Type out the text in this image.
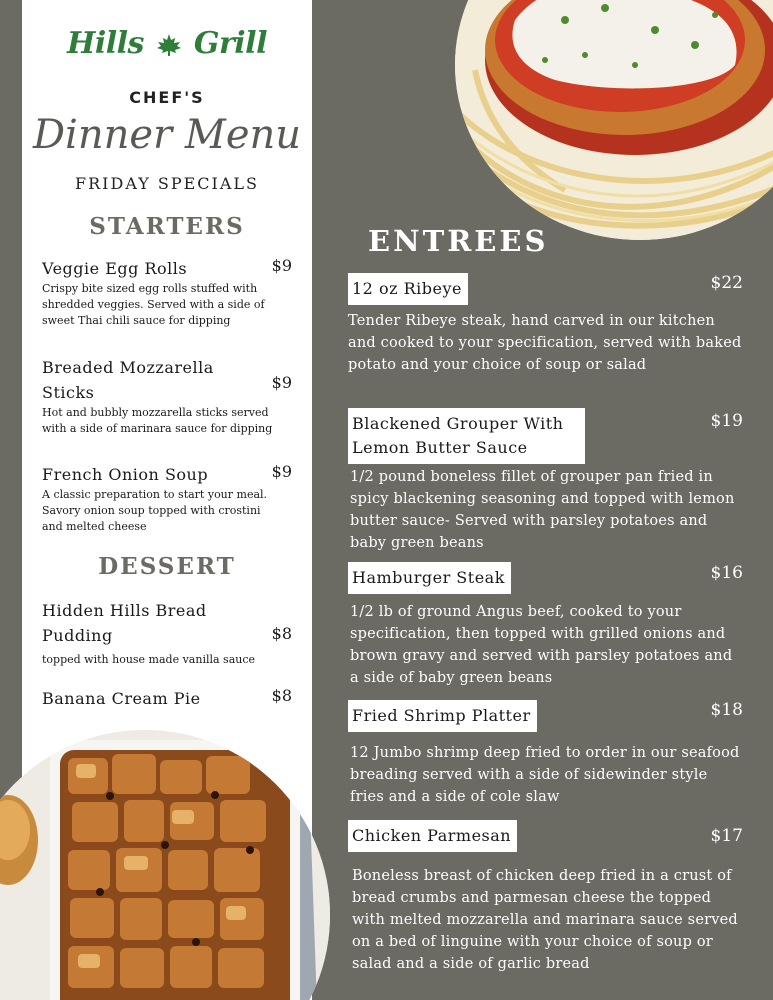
Hills Grill
CHEF'S
Dinner Menu
FRIDAY SPECIALS
STARTERS
Veggie Egg Rolls	$9
Crispy bite sized egg rolls stuffed with shredded veggies. Served with a side of sweet Thai chili sauce for dipping
Breaded Mozzarella Sticks
$9
Hot and bubbly mozzarella sticks served with a side of marinara sauce for dipping
French Onion Soup	$9
A classic preparation to start your meal. Savory onion soup topped with crostini and melted cheese
DESSERT
Hidden Hills Bread Pudding	$8
topped with house made vanilla sauce
Banana Cream Pie	$8
ENTREES
12 oz Ribeye	$22
Tender Ribeye steak, hand carved in our kitchen and cooked to your specification, served with baked potato and your choice of soup or salad
Blackened Grouper With Lemon Butter Sauce
$19
1/2 pound boneless fillet of grouper pan fried in spicy blackening seasoning and topped with lemon butter sauce- Served with parsley potatoes and baby green beans
Hamburger Steak	$16
1/2 lb of ground Angus beef, cooked to your specification, then topped with grilled onions and brown gravy and served with parsley potatoes and a side of baby green beans
Fried Shrimp Platter	$18
12 Jumbo shrimp deep fried to order in our seafood breading served with a side of sidewinder style fries and a side of cole slaw
Chicken Parmesan	$17
Boneless breast of chicken deep fried in a crust of bread crumbs and parmesan cheese the topped with melted mozzarella and marinara sauce served on a bed of linguine with your choice of soup or salad and a side of garlic bread
